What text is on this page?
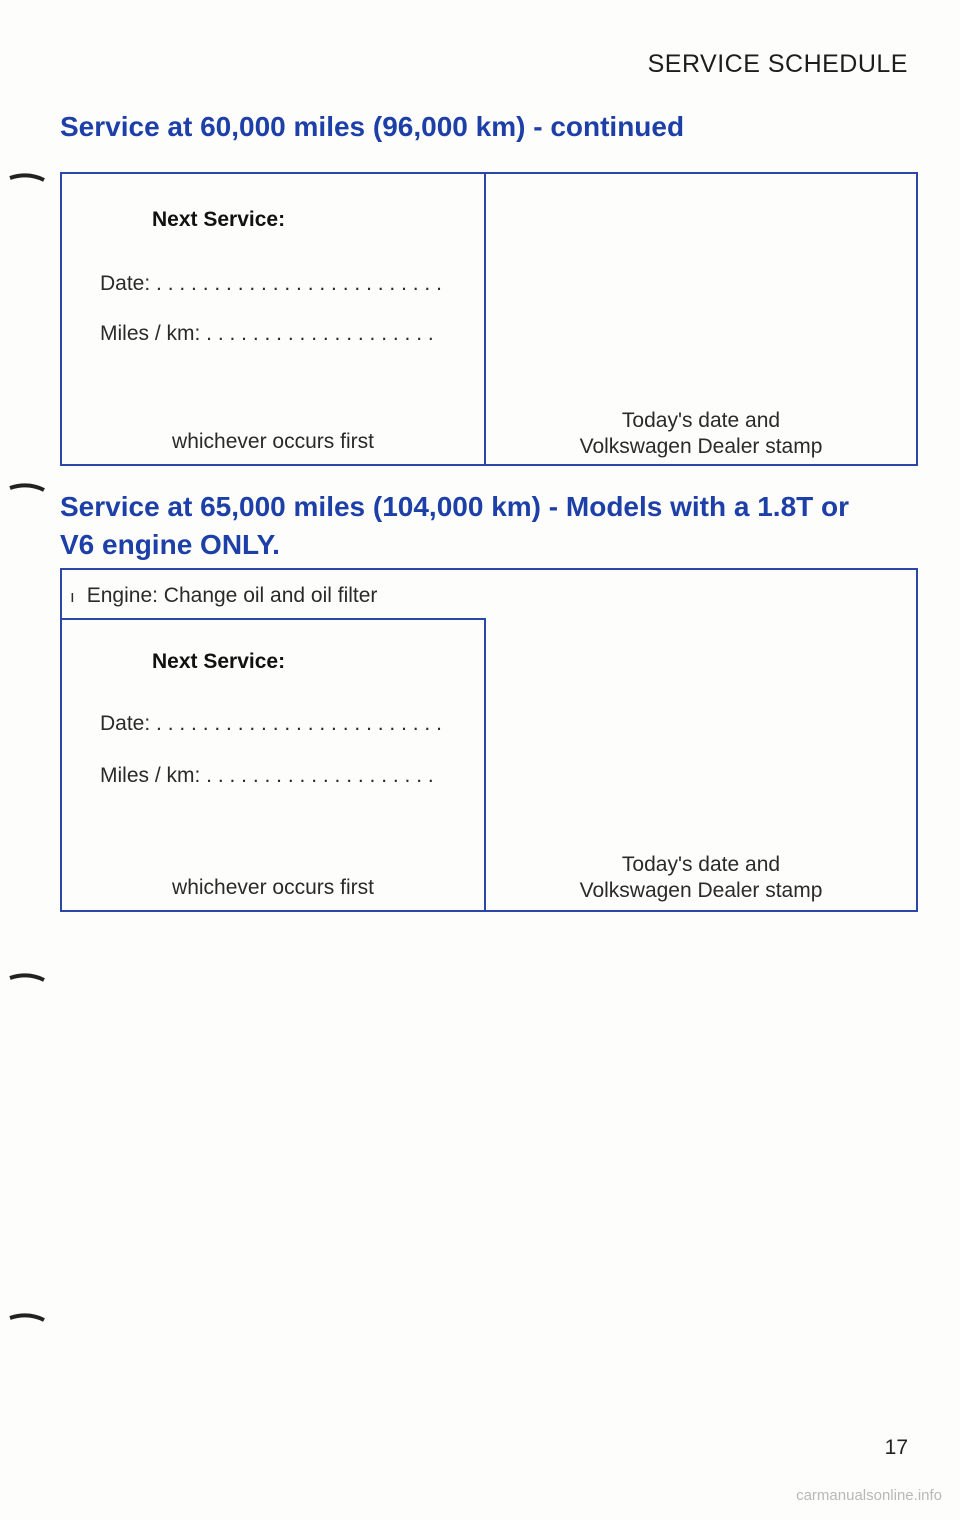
SERVICE SCHEDULE
Service at 60,000 miles (96,000 km) - continued
Next Service:
Date: . . . . . . . . . . . . . . . . . . . . . . . . .
Miles / km: . . . . . . . . . . . . . . . . . . . .
whichever occurs first
Today's date and
Volkswagen Dealer stamp
Service at 65,000 miles (104,000 km) - Models with a 1.8T or
V6 engine ONLY.
ı Engine: Change oil and oil filter
Next Service:
Date: . . . . . . . . . . . . . . . . . . . . . . . . .
Miles / km: . . . . . . . . . . . . . . . . . . . .
whichever occurs first
Today's date and
Volkswagen Dealer stamp
17
carmanualsonline.info
